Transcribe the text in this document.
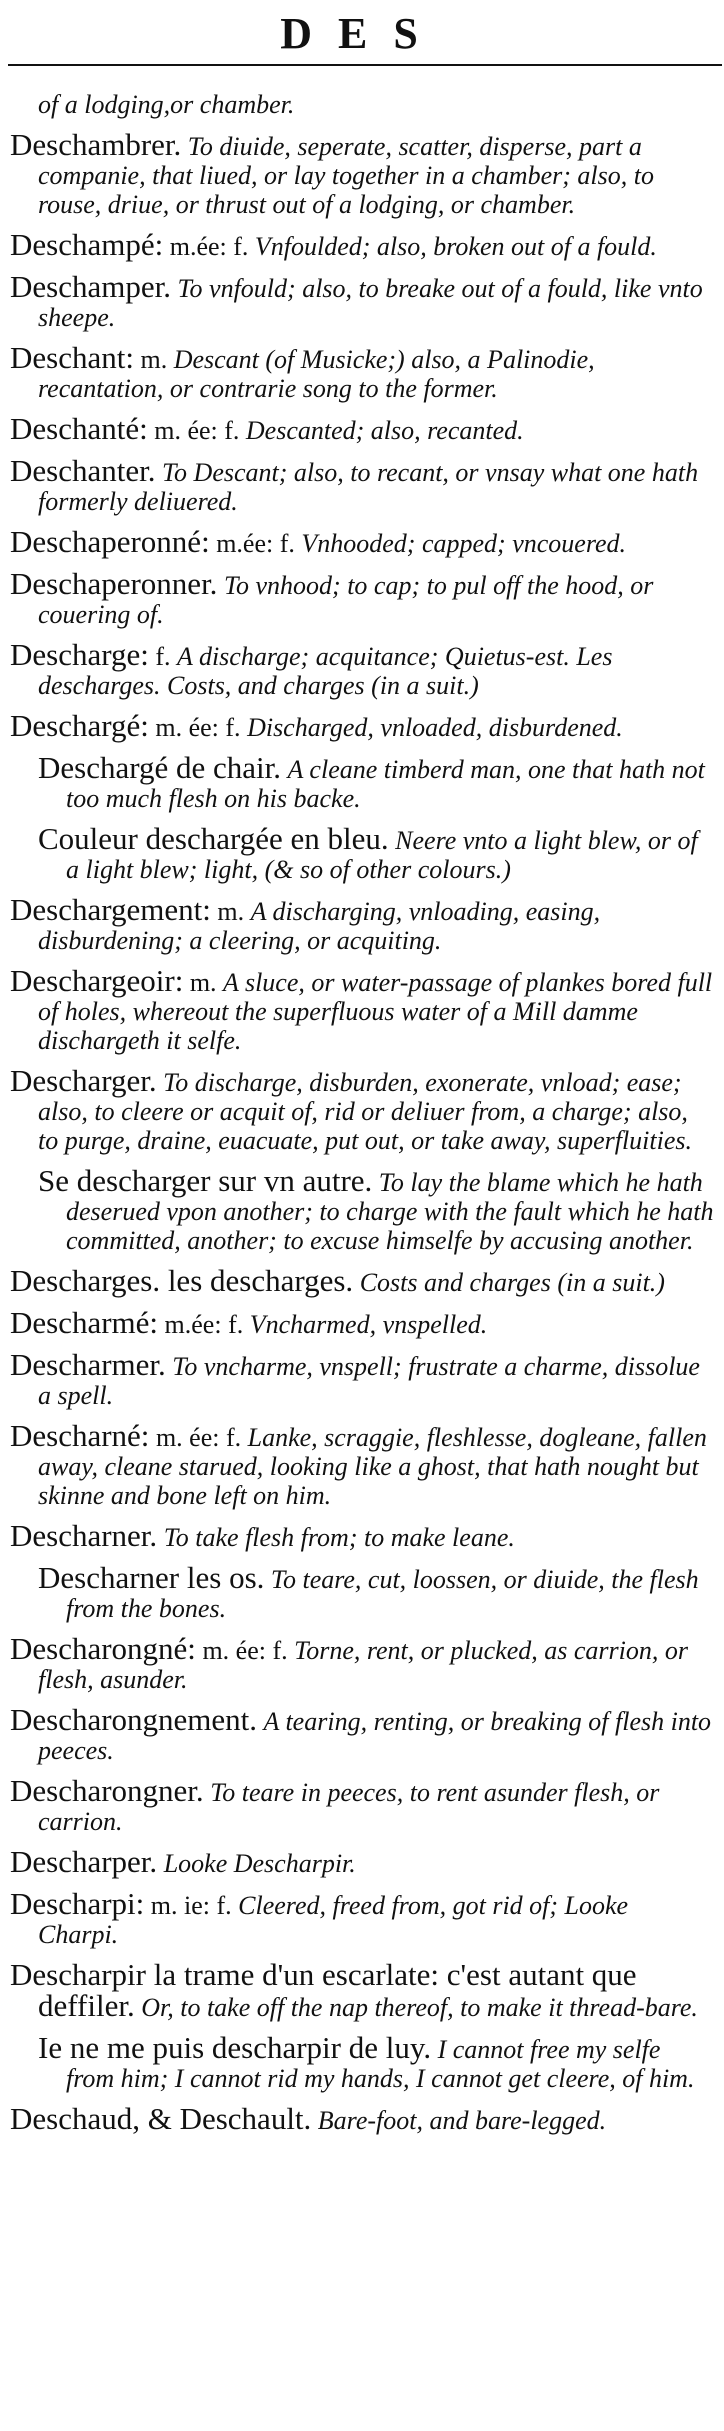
DES

of a lodging,or chamber.

Deschambrer. To diuide, seperate, scatter, disperse, part a companie, that liued, or lay together in a chamber; also, to rouse, driue, or thrust out of a lodging, or chamber.

Deschampé: m.ée: f. Vnfoulded; also, broken out of a fould.

Deschamper. To vnfould; also, to breake out of a fould, like vnto sheepe.

Deschant: m. Descant (of Musicke;) also, a Palinodie, recantation, or contrarie song to the former.

Deschanté: m. ée: f. Descanted; also, recanted.

Deschanter. To Descant; also, to recant, or vnsay what one hath formerly deliuered.

Deschaperonné: m.ée: f. Vnhooded; capped; vncouered.

Deschaperonner. To vnhood; to cap; to pul off the hood, or couering of.

Descharge: f. A discharge; acquitance; Quietus-est. Les descharges. Costs, and charges (in a suit.)

Deschargé: m. ée: f. Discharged, vnloaded, disburdened.

Deschargé de chair. A cleane timberd man, one that hath not too much flesh on his backe.

Couleur deschargée en bleu. Neere vnto a light blew, or of a light blew; light, (& so of other colours.)

Deschargement: m. A discharging, vnloading, easing, disburdening; a cleering, or acquiting.

Deschargeoir: m. A sluce, or water-passage of plankes bored full of holes, whereout the superfluous water of a Mill damme dischargeth it selfe.

Descharger. To discharge, disburden, exonerate, vnload; ease; also, to cleere or acquit of, rid or deliuer from, a charge; also, to purge, draine, euacuate, put out, or take away, superfluities.

Se descharger sur vn autre. To lay the blame which he hath deserued vpon another; to charge with the fault which he hath committed, another; to excuse himselfe by accusing another.

Descharges. les descharges. Costs and charges (in a suit.)

Descharmé: m.ée: f. Vncharmed, vnspelled.

Descharmer. To vncharme, vnspell; frustrate a charme, dissolue a spell.

Descharné: m. ée: f. Lanke, scraggie, fleshlesse, dogleane, fallen away, cleane starued, looking like a ghost, that hath nought but skinne and bone left on him.

Descharner. To take flesh from; to make leane.

Descharner les os. To teare, cut, loossen, or diuide, the flesh from the bones.

Descharongné: m. ée: f. Torne, rent, or plucked, as carrion, or flesh, asunder.

Descharongnement. A tearing, renting, or breaking of flesh into peeces.

Descharongner. To teare in peeces, to rent asunder flesh, or carrion.

Descharper. Looke Descharpir.

Descharpi: m. ie: f. Cleered, freed from, got rid of; Looke Charpi.

Descharpir la trame d'un escarlate: c'est autant que deffiler. Or, to take off the nap thereof, to make it thread-bare.

Ie ne me puis descharpir de luy. I cannot free my selfe from him; I cannot rid my hands, I cannot get cleere, of him.

Deschaud, & Deschault. Bare-foot, and bare-legged.
